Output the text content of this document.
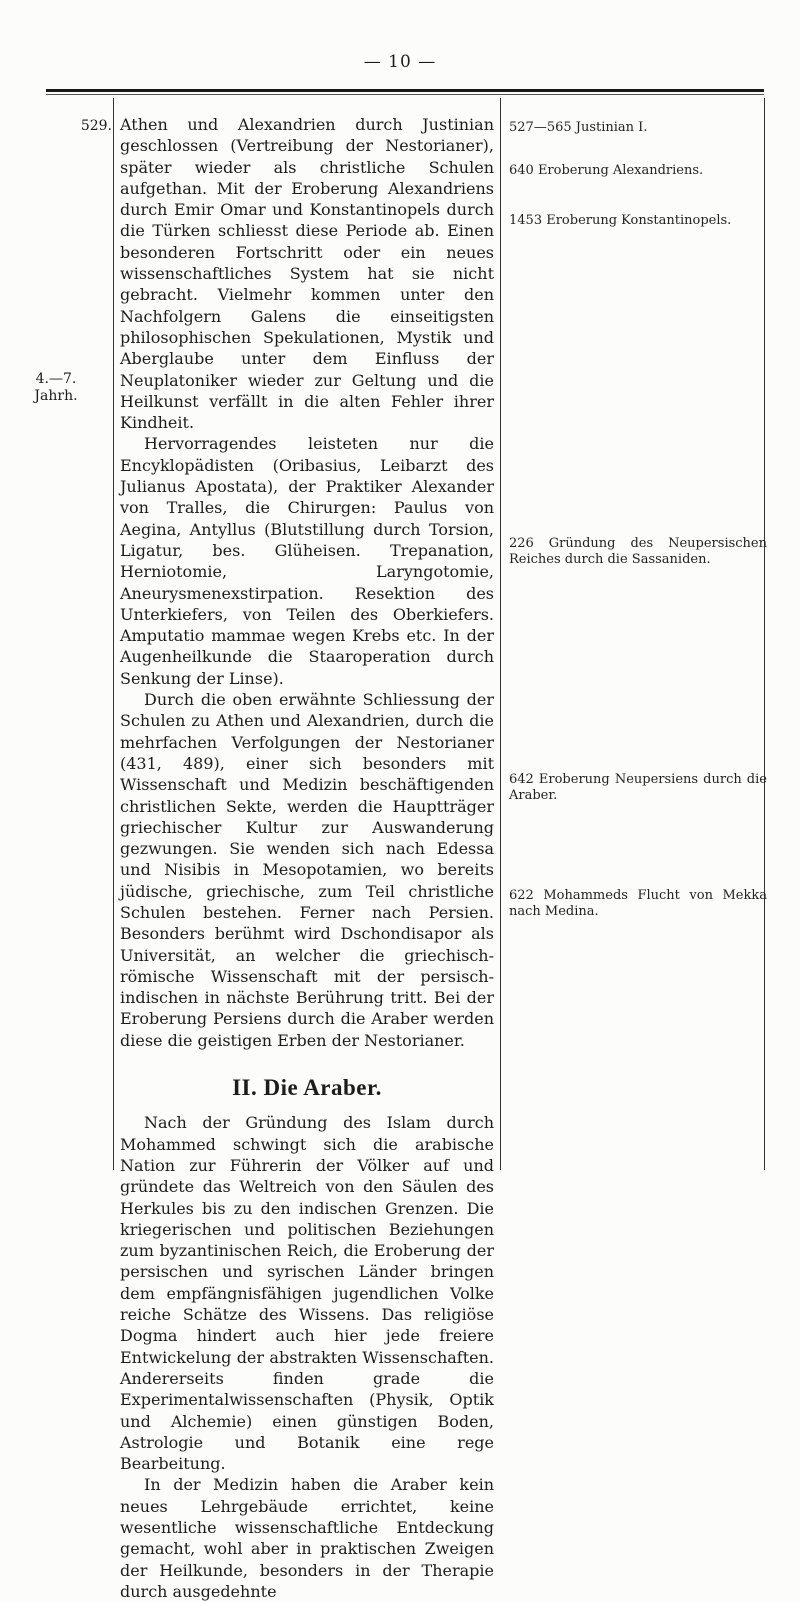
— 10 —
529.
4.—7. Jahrh.

Athen und Alexandrien durch Justinian geschlossen (Vertreibung der Nestorianer), später wieder als christliche Schulen aufgethan. Mit der Eroberung Alexandriens durch Emir Omar und Konstantinopels durch die Türken schliesst diese Periode ab. Einen besonderen Fortschritt oder ein neues wissenschaftliches System hat sie nicht gebracht. Vielmehr kommen unter den Nachfolgern Galens die einseitigsten philosophischen Spekulationen, Mystik und Aberglaube unter dem Einfluss der Neuplatoniker wieder zur Geltung und die Heilkunst verfällt in die alten Fehler ihrer Kindheit.

Hervorragendes leisteten nur die Encyklopädisten (Oribasius, Leibarzt des Julianus Apostata), der Praktiker Alexander von Tralles, die Chirurgen: Paulus von Aegina, Antyllus (Blutstillung durch Torsion, Ligatur, bes. Glüheisen. Trepanation, Herniotomie, Laryngotomie, Aneurysmenexstirpation. Resektion des Unterkiefers, von Teilen des Oberkiefers. Amputatio mammae wegen Krebs etc. In der Augenheilkunde die Staaroperation durch Senkung der Linse).

Durch die oben erwähnte Schliessung der Schulen zu Athen und Alexandrien, durch die mehrfachen Verfolgungen der Nestorianer (431, 489), einer sich besonders mit Wissenschaft und Medizin beschäftigenden christlichen Sekte, werden die Hauptträger griechischer Kultur zur Auswanderung gezwungen. Sie wenden sich nach Edessa und Nisibis in Mesopotamien, wo bereits jüdische, griechische, zum Teil christliche Schulen bestehen. Ferner nach Persien. Besonders berühmt wird Dschondisapor als Universität, an welcher die griechisch-römische Wissenschaft mit der persisch-indischen in nächste Berührung tritt. Bei der Eroberung Persiens durch die Araber werden diese die geistigen Erben der Nestorianer.

II. Die Araber.

Nach der Gründung des Islam durch Mohammed schwingt sich die arabische Nation zur Führerin der Völker auf und gründete das Weltreich von den Säulen des Herkules bis zu den indischen Grenzen. Die kriegerischen und politischen Beziehungen zum byzantinischen Reich, die Eroberung der persischen und syrischen Länder bringen dem empfängnisfähigen jugendlichen Volke reiche Schätze des Wissens. Das religiöse Dogma hindert auch hier jede freiere Entwickelung der abstrakten Wissenschaften. Andererseits finden grade die Experimentalwissenschaften (Physik, Optik und Alchemie) einen günstigen Boden, Astrologie und Botanik eine rege Bearbeitung.

In der Medizin haben die Araber kein neues Lehrgebäude errichtet, keine wesentliche wissenschaftliche Entdeckung gemacht, wohl aber in praktischen Zweigen der Heilkunde, besonders in der Therapie durch ausgedehnte

527—565 Justinian I.
640 Eroberung Alexandriens.
1453 Eroberung Konstantinopels.
226 Gründung des Neupersischen Reiches durch die Sassaniden.
642 Eroberung Neupersiens durch die Araber.
622 Mohammeds Flucht von Mekka nach Medina.
